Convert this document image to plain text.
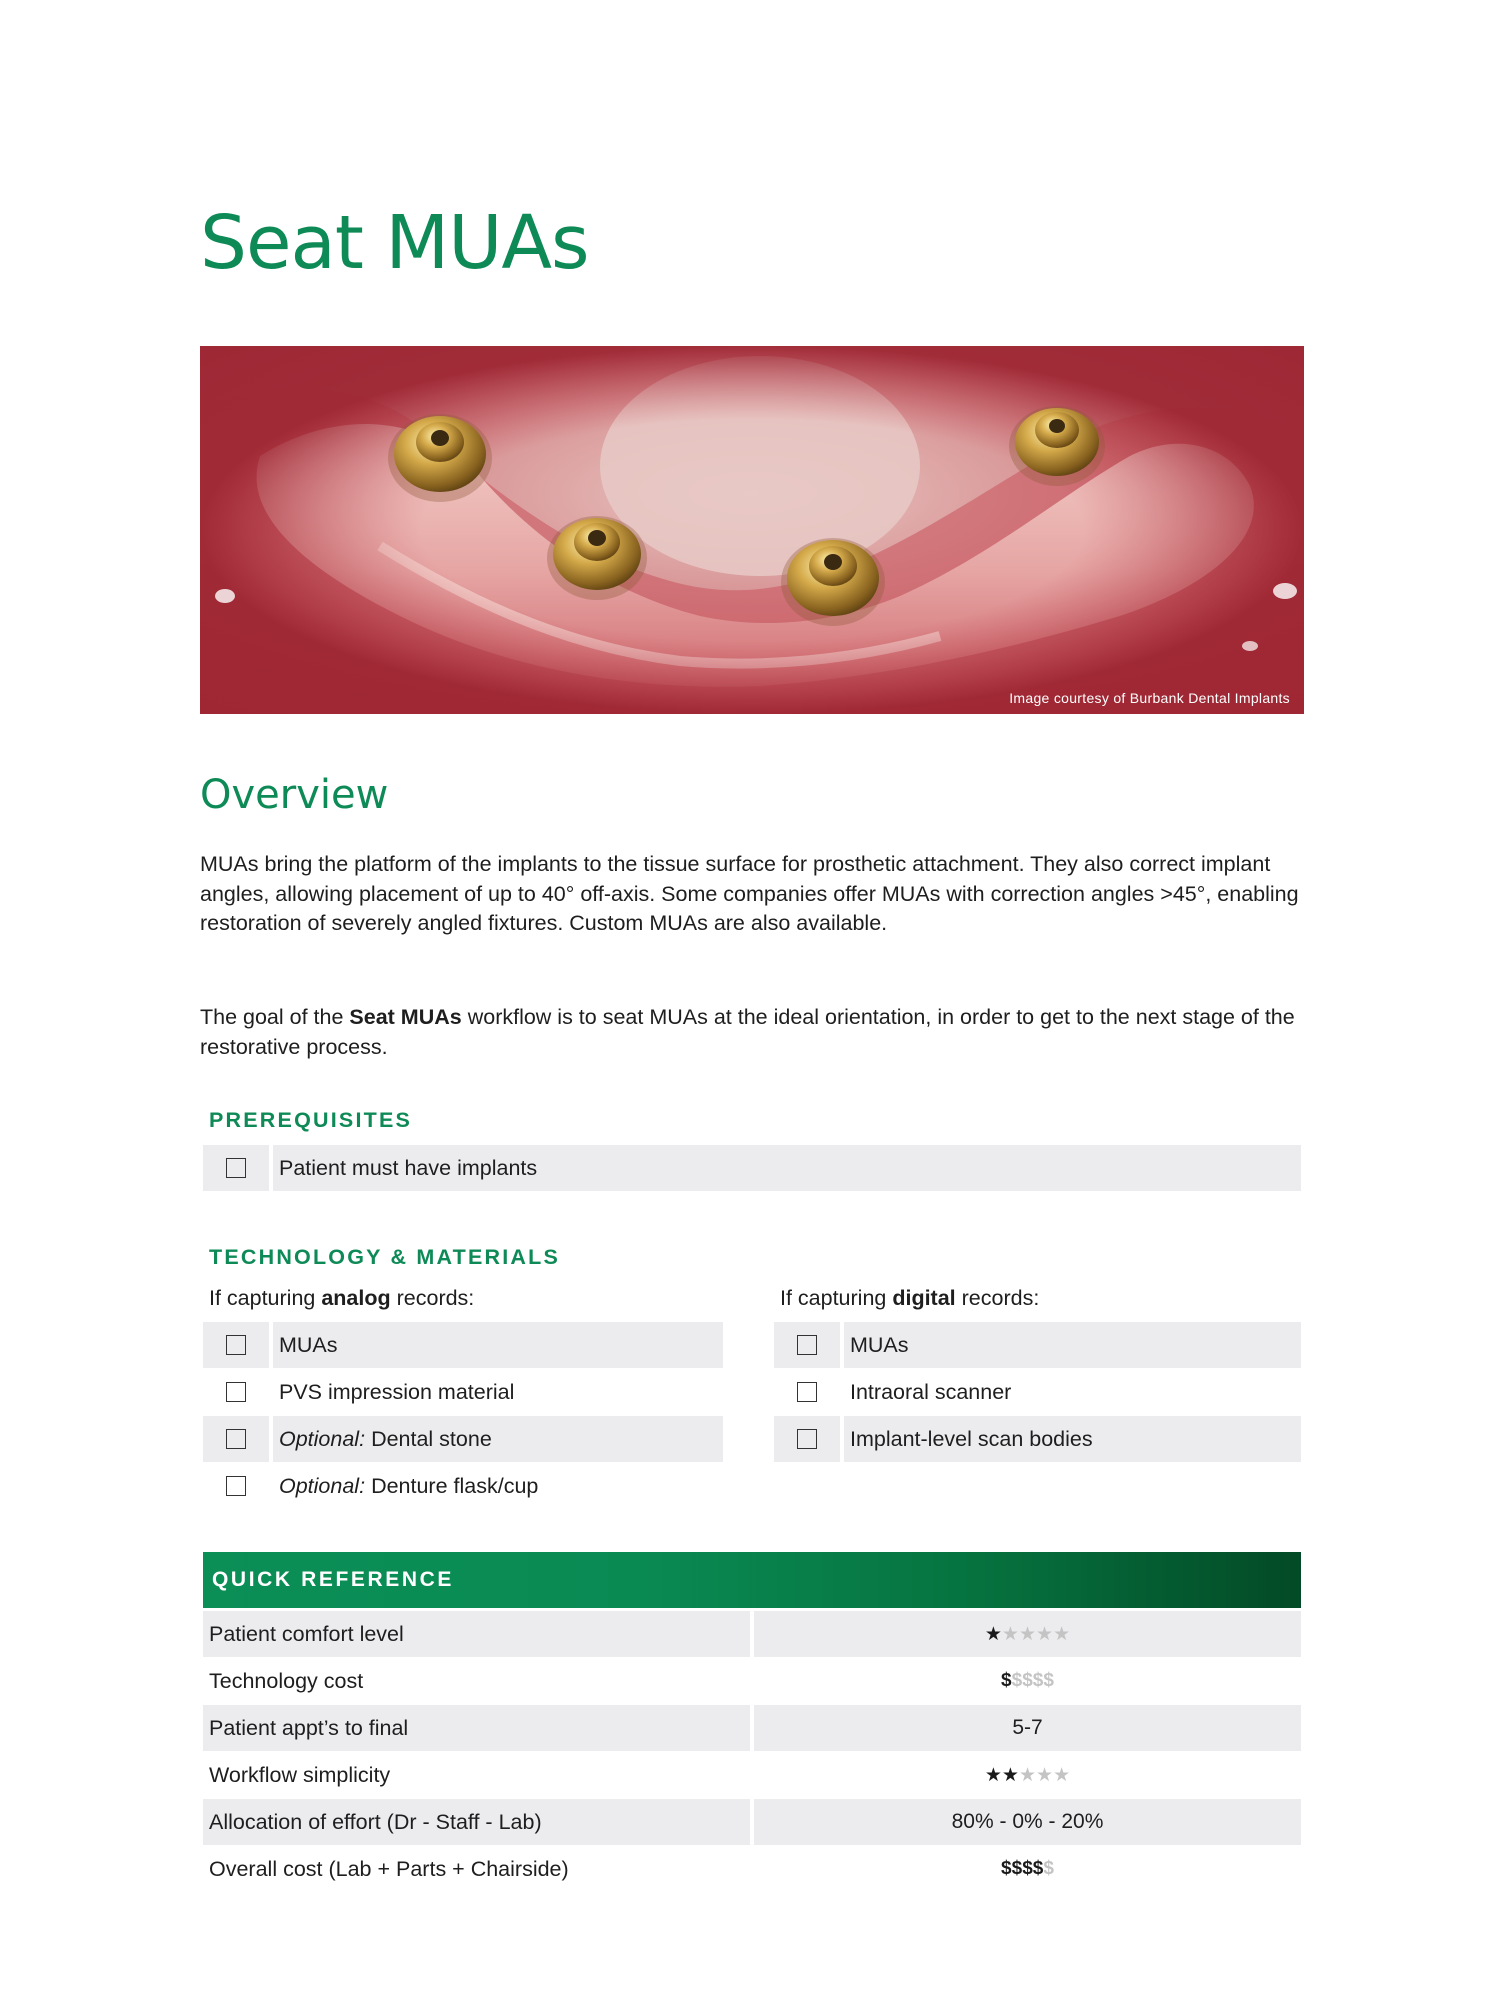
Seat MUAs
Image courtesy of Burbank Dental Implants
Overview

MUAs bring the platform of the implants to the tissue surface for prosthetic attachment. They also correct implant angles, allowing placement of up to 40° off-axis. Some companies offer MUAs with correction angles >45°, enabling restoration of severely angled fixtures. Custom MUAs are also available.

The goal of the Seat MUAs workflow is to seat MUAs at the ideal orientation, in order to get to the next stage of the restorative process.

PREREQUISITES
Patient must have implants
TECHNOLOGY & MATERIALS

If capturing analog records:

MUAs
PVS impression material
Optional: Dental stone
Optional: Denture flask/cup

If capturing digital records:

MUAs
Intraoral scanner
Implant-level scan bodies
QUICK REFERENCE
Patient comfort level	★★★★★
Technology cost	$$$$$
Patient appt’s to final	5-7
Workflow simplicity	★★★★★
Allocation of effort (Dr - Staff - Lab)	80% - 0% - 20%
Overall cost (Lab + Parts + Chairside)	$$$$$
